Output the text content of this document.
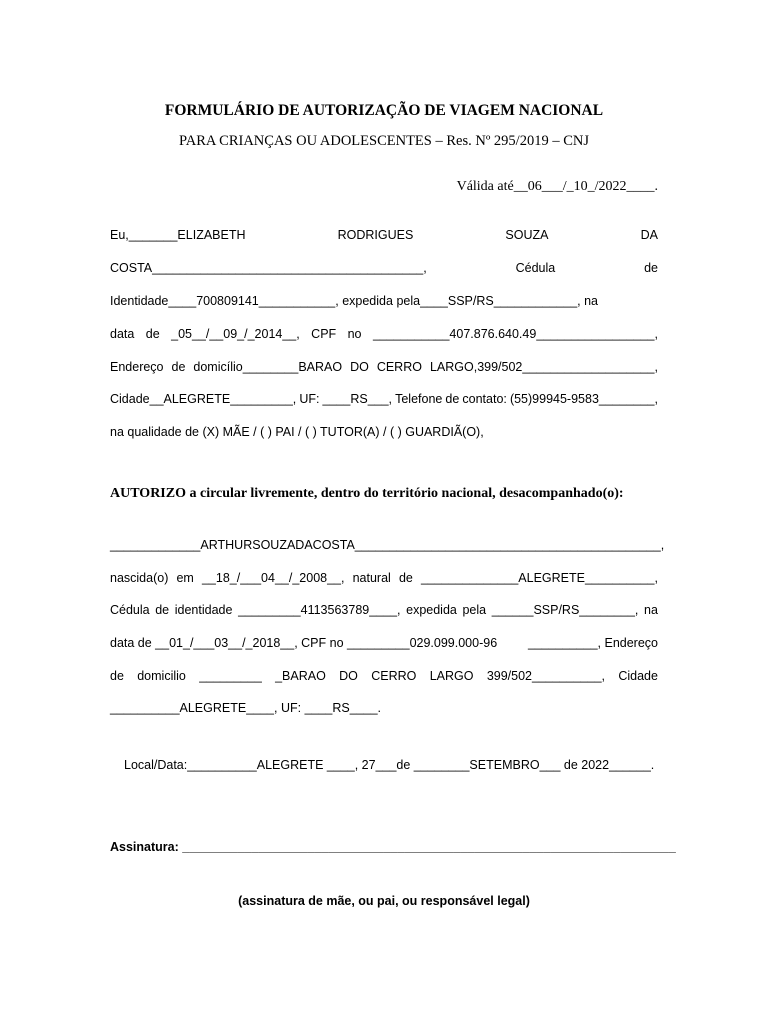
FORMULÁRIO DE AUTORIZAÇÃO DE VIAGEM NACIONAL
PARA CRIANÇAS OU ADOLESCENTES – Res. Nº 295/2019 – CNJ
Válida até__06___/_10_/2022____.
Eu,_______ELIZABETH	RODRIGUES	SOUZA	DA
COSTA_______________________________________,	Cédula	de
Identidade____700809141___________, expedida pela____SSP/RS____________, na
data de _05__/__09_/_2014__, CPF no ___________407.876.640.49_________________,
Endereço de domicílio________BARAO DO CERRO LARGO,399/502___________________,
Cidade__ALEGRETE_________, UF: ____RS___, Telefone de contato: (55)99945-9583________,
na qualidade de (X) MÃE / ( ) PAI / ( ) TUTOR(A) / ( ) GUARDIÃ(O),
AUTORIZO a circular livremente, dentro do território nacional, desacompanhado(o):
_____________ARTHUR SOUZA DA COSTA____________________________________________,
nascida(o) em __18_/___04__/_2008__, natural de ______________ALEGRETE__________,
Cédula de identidade _________4113563789____, expedida pela ______SSP/RS________, na
data de __01_/___03__/_2018__, CPF no _________029.099.000-96 __________, Endereço
de domicilio _________ _BARAO DO CERRO LARGO 399/502__________, Cidade
__________ALEGRETE____, UF: ____RS____.
Local/Data:__________ALEGRETE ____, 27___de ________SETEMBRO___ de 2022______.
Assinatura: _______________________________________________________________________
(assinatura de mãe, ou pai, ou responsável legal)
